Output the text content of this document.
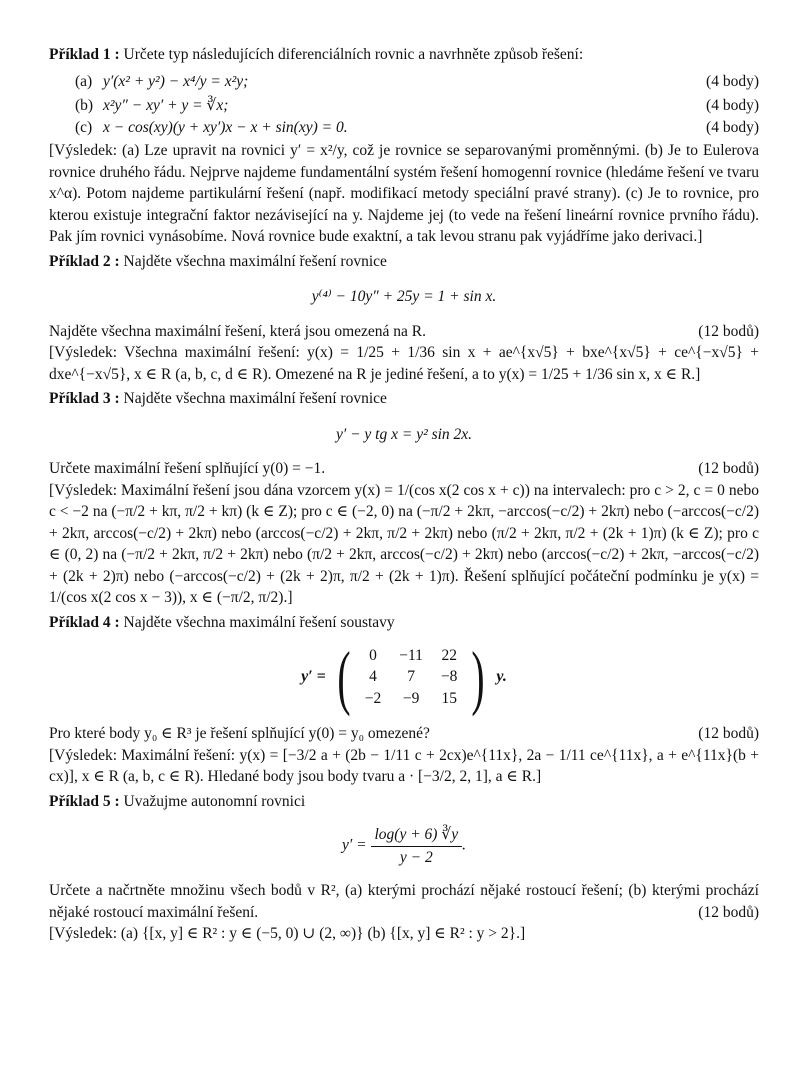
Příklad 1 : Určete typ následujících diferenciálních rovnic a navrhněte způsob řešení:
(a) y′(x² + y²) − x⁴/y = x²y;	(4 body)
(b) x²y″ − xy′ + y = ∛x;	(4 body)
(c) x − cos(xy)(y + xy′)x − x + sin(xy) = 0.	(4 body)
[Výsledek: (a) Lze upravit na rovnici y′ = x²/y, což je rovnice se separovanými proměnnými. (b) Je to Eulerova rovnice druhého řádu. Nejprve najdeme fundamentální systém řešení homogenní rovnice (hledáme řešení ve tvaru x^α). Potom najdeme partikulární řešení (např. modifikací metody speciální pravé strany). (c) Je to rovnice, pro kterou existuje integrační faktor nezávisející na y. Najdeme jej (to vede na řešení lineární rovnice prvního řádu). Pak jím rovnici vynásobíme. Nová rovnice bude exaktní, a tak levou stranu pak vyjádříme jako derivaci.]
Příklad 2 : Najděte všechna maximální řešení rovnice
y⁽⁴⁾ − 10y″ + 25y = 1 + sin x.
Najděte všechna maximální řešení, která jsou omezená na R.	(12 bodů)
[Výsledek: Všechna maximální řešení: y(x) = 1/25 + 1/36 sin x + ae^{x√5} + bxe^{x√5} + ce^{−x√5} + dxe^{−x√5}, x ∈ R (a, b, c, d ∈ R). Omezené na R je jediné řešení, a to y(x) = 1/25 + 1/36 sin x, x ∈ R.]
Příklad 3 : Najděte všechna maximální řešení rovnice
y′ − y tg x = y² sin 2x.
Určete maximální řešení splňující y(0) = −1.	(12 bodů)
[Výsledek: Maximální řešení jsou dána vzorcem y(x) = 1/(cos x(2 cos x + c)) na intervalech: pro c > 2, c = 0 nebo c < −2 na (−π/2 + kπ, π/2 + kπ) (k ∈ Z); pro c ∈ (−2, 0) na (−π/2 + 2kπ, −arccos(−c/2) + 2kπ) nebo (−arccos(−c/2) + 2kπ, arccos(−c/2) + 2kπ) nebo (arccos(−c/2) + 2kπ, π/2 + 2kπ) nebo (π/2 + 2kπ, π/2 + (2k + 1)π) (k ∈ Z); pro c ∈ (0, 2) na (−π/2 + 2kπ, π/2 + 2kπ) nebo (π/2 + 2kπ, arccos(−c/2) + 2kπ) nebo (arccos(−c/2) + 2kπ, −arccos(−c/2) + (2k + 2)π) nebo (−arccos(−c/2) + (2k + 2)π, π/2 + (2k + 1)π). Řešení splňující počáteční podmínku je y(x) = 1/(cos x(2 cos x − 3)), x ∈ (−π/2, π/2).]
Příklad 4 : Najděte všechna maximální řešení soustavy
y′ = ( 0	−11	22
4	7	−8
−2	−9	15 ) y.
Pro které body y₀ ∈ R³ je řešení splňující y(0) = y₀ omezené?	(12 bodů)
[Výsledek: Maximální řešení: y(x) = [−3/2 a + (2b − 1/11 c + 2cx)e^{11x}, 2a − 1/11 ce^{11x}, a + e^{11x}(b + cx)], x ∈ R (a, b, c ∈ R). Hledané body jsou body tvaru a · [−3/2, 2, 1], a ∈ R.]
Příklad 5 : Uvažujme autonomní rovnici
$y' = \frac{\log(y + 6) ∛y}{y - 2}$ .
Určete a načrtněte množinu všech bodů v R², (a) kterými prochází nějaké rostoucí řešení; (b) kterými prochází nějaké rostoucí maximální řešení.	(12 bodů)
[Výsledek: (a) {[x, y] ∈ R² : y ∈ (−5, 0) ∪ (2, ∞)} (b) {[x, y] ∈ R² : y > 2}.]
